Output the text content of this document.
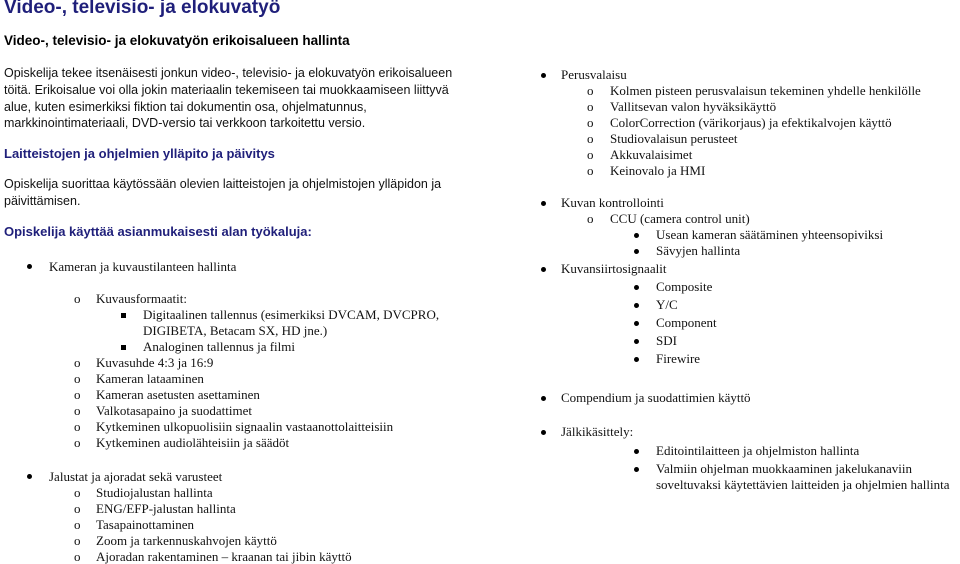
Video-, televisio- ja elokuvatyö
Video-, televisio- ja elokuvatyön erikoisalueen hallinta
Opiskelija tekee itsenäisesti jonkun video-, televisio- ja elokuvatyön erikoisalueen
töitä. Erikoisalue voi olla jokin materiaalin tekemiseen tai muokkaamiseen liittyvä
alue, kuten esimerkiksi fiktion tai dokumentin osa, ohjelmatunnus,
markkinointimateriaali, DVD-versio tai verkkoon tarkoitettu versio.
Laitteistojen ja ohjelmien ylläpito ja päivitys
Opiskelija suorittaa käytössään olevien laitteistojen ja ohjelmistojen ylläpidon ja
päivittämisen.
Opiskelija käyttää asianmukaisesti alan työkaluja:
Kameran ja kuvaustilanteen hallinta
o Kuvausformaatit:
Digitaalinen tallennus (esimerkiksi DVCAM, DVCPRO,
DIGIBETA, Betacam SX, HD jne.)
Analoginen tallennus ja filmi
o Kuvasuhde 4:3 ja 16:9
o Kameran lataaminen
o Kameran asetusten asettaminen
o Valkotasapaino ja suodattimet
o Kytkeminen ulkopuolisiin signaalin vastaanottolaitteisiin
o Kytkeminen audiolähteisiin ja säädöt
Jalustat ja ajoradat sekä varusteet
o Studiojalustan hallinta
o ENG/EFP-jalustan hallinta
o Tasapainottaminen
o Zoom ja tarkennuskahvojen käyttö
o Ajoradan rakentaminen – kraanan tai jibin käyttö
Perusvalaisu
o Kolmen pisteen perusvalaisun tekeminen yhdelle henkilölle
o Vallitsevan valon hyväksikäyttö
o ColorCorrection (värikorjaus) ja efektikalvojen käyttö
o Studiovalaisun perusteet
o Akkuvalaisimet
o Keinovalo ja HMI
Kuvan kontrollointi
o CCU (camera control unit)
Usean kameran säätäminen yhteensopiviksi
Sävyjen hallinta
Kuvansiirtosignaalit
Composite
Y/C
Component
SDI
Firewire
Compendium ja suodattimien käyttö
Jälkikäsittely:
Editointilaitteen ja ohjelmiston hallinta
Valmiin ohjelman muokkaaminen jakelukanaviin
soveltuvaksi käytettävien laitteiden ja ohjelmien hallinta
